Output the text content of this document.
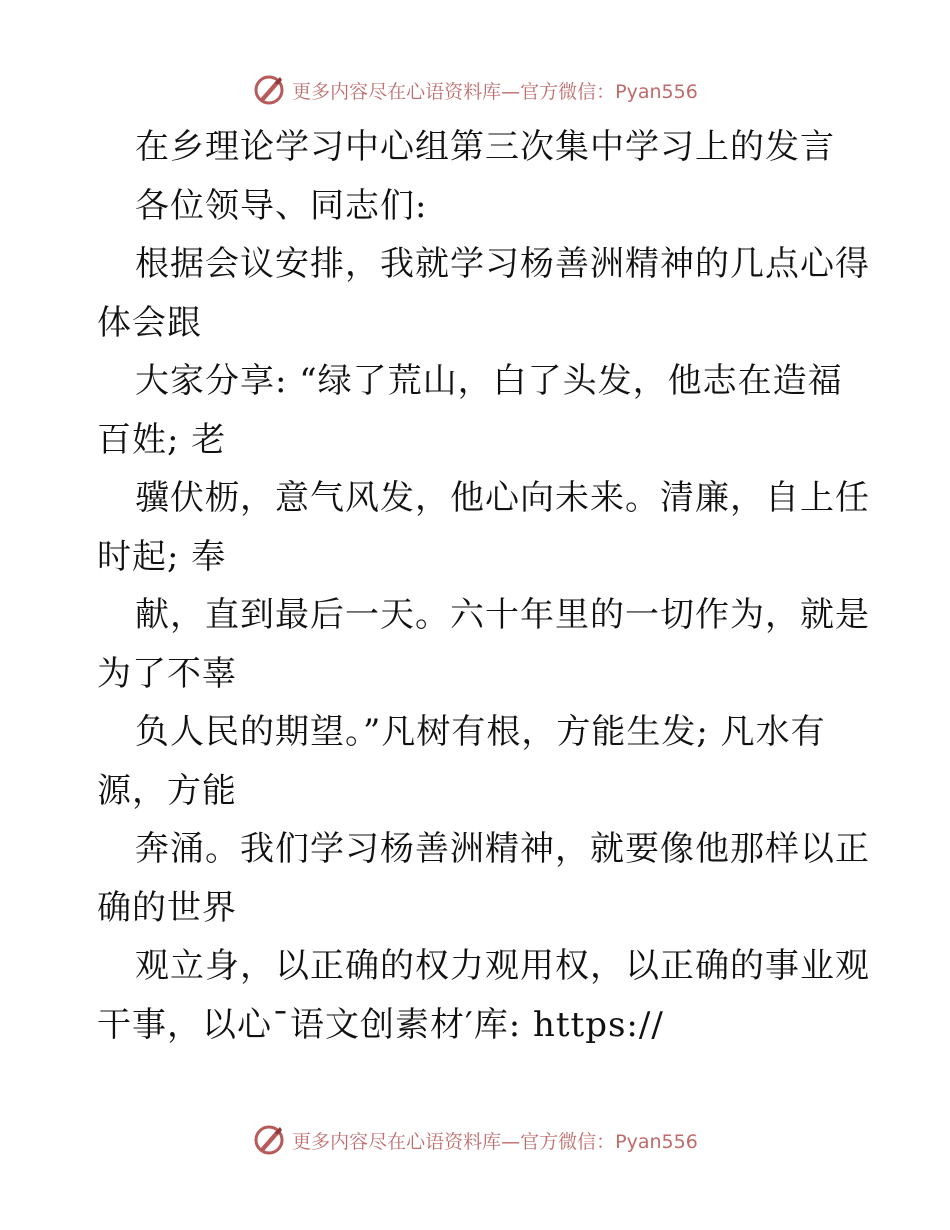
更多内容尽在心语资料库—官方微信：Pyan556
在乡理论学习中心组第三次集中学习上的发言
各位领导、同志们:
根据会议安排，我就学习杨善洲精神的几点心得
体会跟
大家分享: “绿了荒山，白了头发，他志在造福
百姓; 老
骥伏枥，意气风发，他心向未来。清廉，自上任
时起; 奉
献，直到最后一天。六十年里的一切作为，就是
为了不辜
负人民的期望。”凡树有根，方能生发; 凡水有
源，方能
奔涌。我们学习杨善洲精神，就要像他那样以正
确的世界
观立身，以正确的权力观用权，以正确的事业观
干事，以心¯语文创素材′库: https://
更多内容尽在心语资料库—官方微信：Pyan556
